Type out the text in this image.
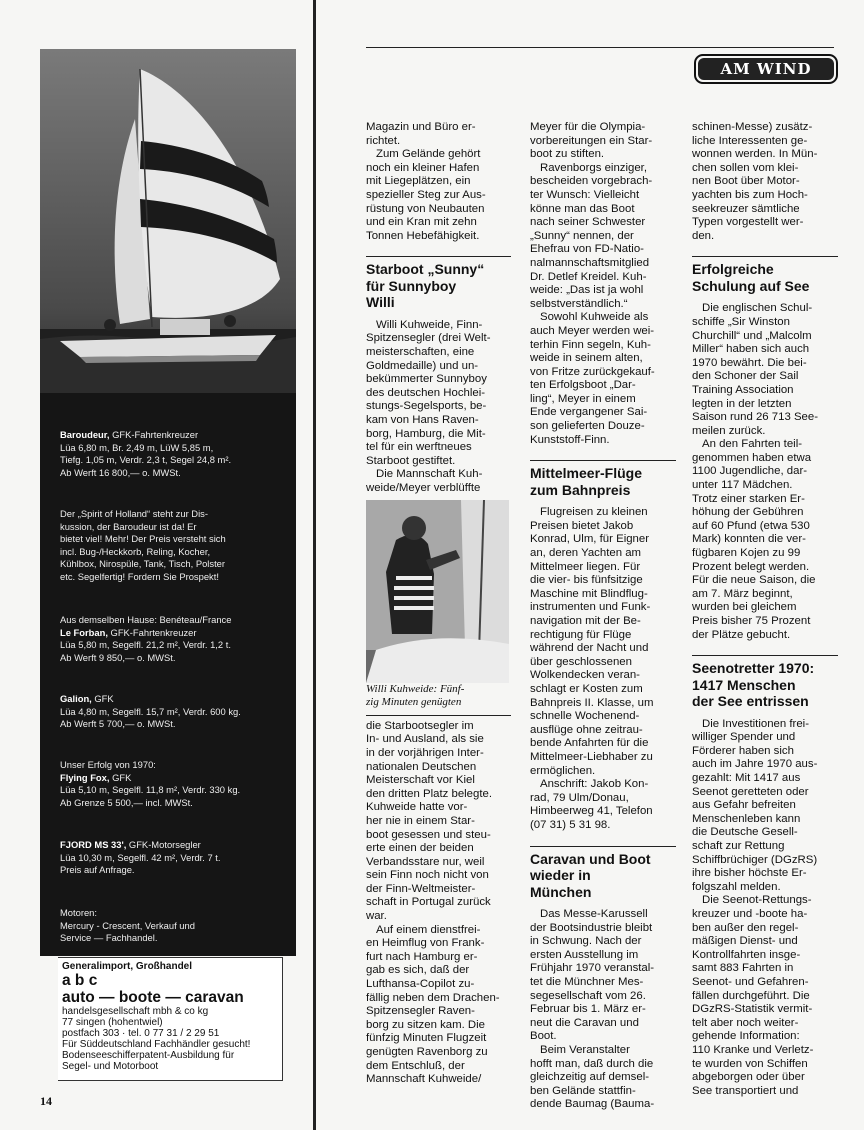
Baroudeur, GFK-Fahrtenkreuzer
Lüa 6,80 m, Br. 2,49 m, LüW 5,85 m,
Tiefg. 1,05 m, Verdr. 2,3 t, Segel 24,8 m².
Ab Werft 16 800,— o. MWSt.
Der „Spirit of Holland“ steht zur Dis-
kussion, der Baroudeur ist da! Er
bietet viel! Mehr! Der Preis versteht sich
incl. Bug-/Heckkorb, Reling, Kocher,
Kühlbox, Nirospüle, Tank, Tisch, Polster
etc. Segelfertig! Fordern Sie Prospekt!
Aus demselben Hause: Benéteau/France
Le Forban, GFK-Fahrtenkreuzer
Lüa 5,80 m, Segelfl. 21,2 m², Verdr. 1,2 t.
Ab Werft 9 850,— o. MWSt.
Galion, GFK
Lüa 4,80 m, Segelfl. 15,7 m², Verdr. 600 kg.
Ab Werft 5 700,— o. MWSt.
Unser Erfolg von 1970:
Flying Fox, GFK
Lüa 5,10 m, Segelfl. 11,8 m², Verdr. 330 kg.
Ab Grenze 5 500,— incl. MWSt.
FJORD MS 33', GFK-Motorsegler
Lüa 10,30 m, Segelfl. 42 m², Verdr. 7 t.
Preis auf Anfrage.
Motoren:
Mercury - Crescent, Verkauf und
Service — Fachhandel.
Generalimport, Großhandel
a b c
auto — boote — caravan
handelsgesellschaft mbh & co kg
77 singen (hohentwiel)
postfach 303 · tel. 0 77 31 / 2 29 51
Für Süddeutschland Fachhändler gesucht!
Bodenseeschifferpatent-Ausbildung für
Segel- und Motorboot
14
AM WIND
Magazin und Büro er-
richtet.
Zum Gelände gehört
noch ein kleiner Hafen
mit Liegeplätzen, ein
spezieller Steg zur Aus-
rüstung von Neubauten
und ein Kran mit zehn
Tonnen Hebefähigkeit.
Starboot „Sunny“
für Sunnyboy
Willi
Willi Kuhweide, Finn-
Spitzensegler (drei Welt-
meisterschaften, eine
Goldmedaille) und un-
bekümmerter Sunnyboy
des deutschen Hochlei-
stungs-Segelsports, be-
kam von Hans Raven-
borg, Hamburg, die Mit-
tel für ein werftneues
Starboot gestiftet.
Die Mannschaft Kuh-
weide/Meyer verblüffte
Willi Kuhweide: Fünf-
zig Minuten genügten
die Starbootsegler im
In- und Ausland, als sie
in der vorjährigen Inter-
nationalen Deutschen
Meisterschaft vor Kiel
den dritten Platz belegte.
Kuhweide hatte vor-
her nie in einem Star-
boot gesessen und steu-
erte einen der beiden
Verbandsstare nur, weil
sein Finn noch nicht von
der Finn-Weltmeister-
schaft in Portugal zurück
war.
Auf einem dienstfrei-
en Heimflug von Frank-
furt nach Hamburg er-
gab es sich, daß der
Lufthansa-Copilot zu-
fällig neben dem Drachen-
Spitzensegler Raven-
borg zu sitzen kam. Die
fünfzig Minuten Flugzeit
genügten Ravenborg zu
dem Entschluß, der
Mannschaft Kuhweide/
Meyer für die Olympia-
vorbereitungen ein Star-
boot zu stiften.
Ravenborgs einziger,
bescheiden vorgebrach-
ter Wunsch: Vielleicht
könne man das Boot
nach seiner Schwester
„Sunny“ nennen, der
Ehefrau von FD-Natio-
nalmannschaftsmitglied
Dr. Detlef Kreidel. Kuh-
weide: „Das ist ja wohl
selbstverständlich.“
Sowohl Kuhweide als
auch Meyer werden wei-
terhin Finn segeln, Kuh-
weide in seinem alten,
von Fritze zurückgekauf-
ten Erfolgsboot „Dar-
ling“, Meyer in einem
Ende vergangener Sai-
son gelieferten Douze-
Kunststoff-Finn.
Mittelmeer-Flüge
zum Bahnpreis
Flugreisen zu kleinen
Preisen bietet Jakob
Konrad, Ulm, für Eigner
an, deren Yachten am
Mittelmeer liegen. Für
die vier- bis fünfsitzige
Maschine mit Blindflug-
instrumenten und Funk-
navigation mit der Be-
rechtigung für Flüge
während der Nacht und
über geschlossenen
Wolkendecken veran-
schlagt er Kosten zum
Bahnpreis II. Klasse, um
schnelle Wochenend-
ausflüge ohne zeitrau-
bende Anfahrten für die
Mittelmeer-Liebhaber zu
ermöglichen.
Anschrift: Jakob Kon-
rad, 79 Ulm/Donau,
Himbeerweg 41, Telefon
(07 31) 5 31 98.
Caravan und Boot
wieder in
München
Das Messe-Karussell
der Bootsindustrie bleibt
in Schwung. Nach der
ersten Ausstellung im
Frühjahr 1970 veranstal-
tet die Münchner Mes-
segesellschaft vom 26.
Februar bis 1. März er-
neut die Caravan und
Boot.
Beim Veranstalter
hofft man, daß durch die
gleichzeitig auf demsel-
ben Gelände stattfin-
dende Baumag (Bauma-
schinen-Messe) zusätz-
liche Interessenten ge-
wonnen werden. In Mün-
chen sollen vom klei-
nen Boot über Motor-
yachten bis zum Hoch-
seekreuzer sämtliche
Typen vorgestellt wer-
den.
Erfolgreiche
Schulung auf See
Die englischen Schul-
schiffe „Sir Winston
Churchill“ und „Malcolm
Miller“ haben sich auch
1970 bewährt. Die bei-
den Schoner der Sail
Training Association
legten in der letzten
Saison rund 26 713 See-
meilen zurück.
An den Fahrten teil-
genommen haben etwa
1100 Jugendliche, dar-
unter 117 Mädchen.
Trotz einer starken Er-
höhung der Gebühren
auf 60 Pfund (etwa 530
Mark) konnten die ver-
fügbaren Kojen zu 99
Prozent belegt werden.
Für die neue Saison, die
am 7. März beginnt,
wurden bei gleichem
Preis bisher 75 Prozent
der Plätze gebucht.
Seenotretter 1970:
1417 Menschen
der See entrissen
Die Investitionen frei-
williger Spender und
Förderer haben sich
auch im Jahre 1970 aus-
gezahlt: Mit 1417 aus
Seenot geretteten oder
aus Gefahr befreiten
Menschenleben kann
die Deutsche Gesell-
schaft zur Rettung
Schiffbrüchiger (DGzRS)
ihre bisher höchste Er-
folgszahl melden.
Die Seenot-Rettungs-
kreuzer und -boote ha-
ben außer den regel-
mäßigen Dienst- und
Kontrollfahrten insge-
samt 883 Fahrten in
Seenot- und Gefahren-
fällen durchgeführt. Die
DGzRS-Statistik vermit-
telt aber noch weiter-
gehende Information:
110 Kranke und Verletz-
te wurden von Schiffen
abgeborgen oder über
See transportiert und
